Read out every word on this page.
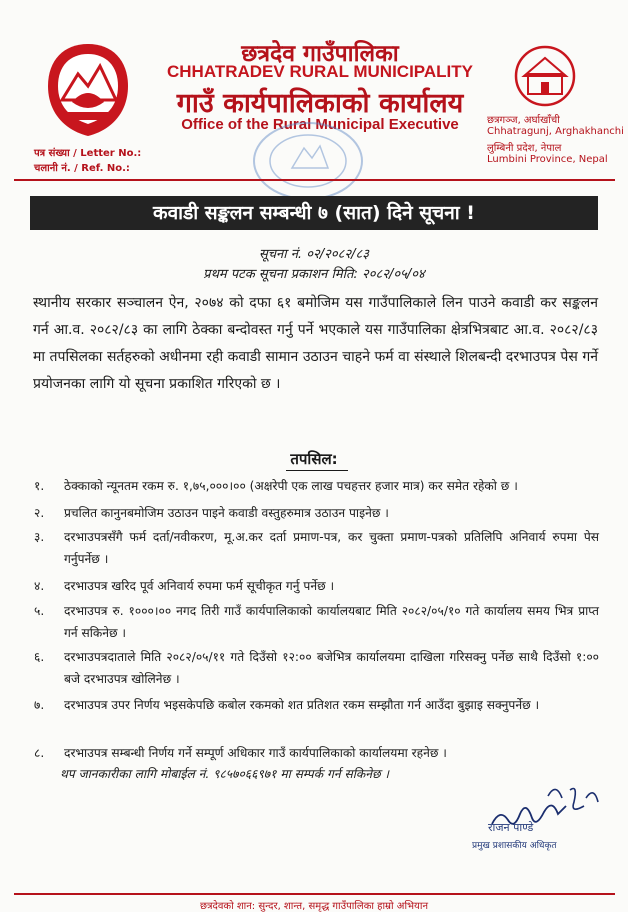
छत्रदेव गाउँपालिका
CHHATRADEV RURAL MUNICIPALITY
गाउँ कार्यपालिकाको कार्यालय
Office of the Rural Municipal Executive	छत्रगञ्ज, अर्घाखाँची
Chhatragunj, Arghakhanchi
लुम्बिनी प्रदेश, नेपाल
Lumbini Province, Nepal
पत्र संख्या / Letter No.:
चलानी नं. / Ref. No.:
कवाडी सङ्कलन सम्बन्धी ७ (सात) दिने सूचना !
सूचना नं. ०२/२०८२/८३
प्रथम पटक सूचना प्रकाशन मिति: २०८२/०५/०४
स्थानीय सरकार सञ्चालन ऐन, २०७४ को दफा ६१ बमोजिम यस गाउँपालिकाले लिन पाउने कवाडी कर सङ्कलन गर्न आ.व. २०८२/८३ का लागि ठेक्का बन्दोवस्त गर्नु पर्ने भएकाले यस गाउँपालिका क्षेत्रभित्रबाट आ.व. २०८२/८३ मा तपसिलका सर्तहरुको अधीनमा रही कवाडी सामान उठाउन चाहने फर्म वा संस्थाले शिलबन्दी दरभाउपत्र पेस गर्ने प्रयोजनका लागि यो सूचना प्रकाशित गरिएको छ ।
तपसिल:
१.	ठेक्काको न्यूनतम रकम रु. १,७५,०००।०० (अक्षरेपी एक लाख पचहत्तर हजार मात्र) कर समेत रहेको छ ।
२.	प्रचलित कानुनबमोजिम उठाउन पाइने कवाडी वस्तुहरुमात्र उठाउन पाइनेछ ।
३.	दरभाउपत्रसँगै फर्म दर्ता/नवीकरण, मू.अ.कर दर्ता प्रमाण-पत्र, कर चुक्ता प्रमाण-पत्रको प्रतिलिपि अनिवार्य रुपमा पेस गर्नुपर्नेछ ।
४.	दरभाउपत्र खरिद पूर्व अनिवार्य रुपमा फर्म सूचीकृत गर्नु पर्नेछ ।
५.	दरभाउपत्र रु. १०००।०० नगद तिरी गाउँ कार्यपालिकाको कार्यालयबाट मिति २०८२/०५/१० गते कार्यालय समय भित्र प्राप्त गर्न सकिनेछ ।
६.	दरभाउपत्रदाताले मिति २०८२/०५/११ गते दिउँसो १२:०० बजेभित्र कार्यालयमा दाखिला गरिसक्नु पर्नेछ साथै दिउँसो १:०० बजे दरभाउपत्र खोलिनेछ ।
७.	दरभाउपत्र उपर निर्णय भइसकेपछि कबोल रकमको शत प्रतिशत रकम सम्झौता गर्न आउँदा बुझाइ सक्नुपर्नेछ ।
८.	दरभाउपत्र सम्बन्धी निर्णय गर्ने सम्पूर्ण अधिकार गाउँ कार्यपालिकाको कार्यालयमा रहनेछ ।
थप जानकारीका लागि मोबाईल नं. ९८५७०६६९७१ मा सम्पर्क गर्न सकिनेछ ।
राजन पाण्डे
प्रमुख प्रशासकीय अधिकृत
छत्रदेवको शान: सुन्दर, शान्त, समृद्ध गाउँपालिका हाम्रो अभियान
